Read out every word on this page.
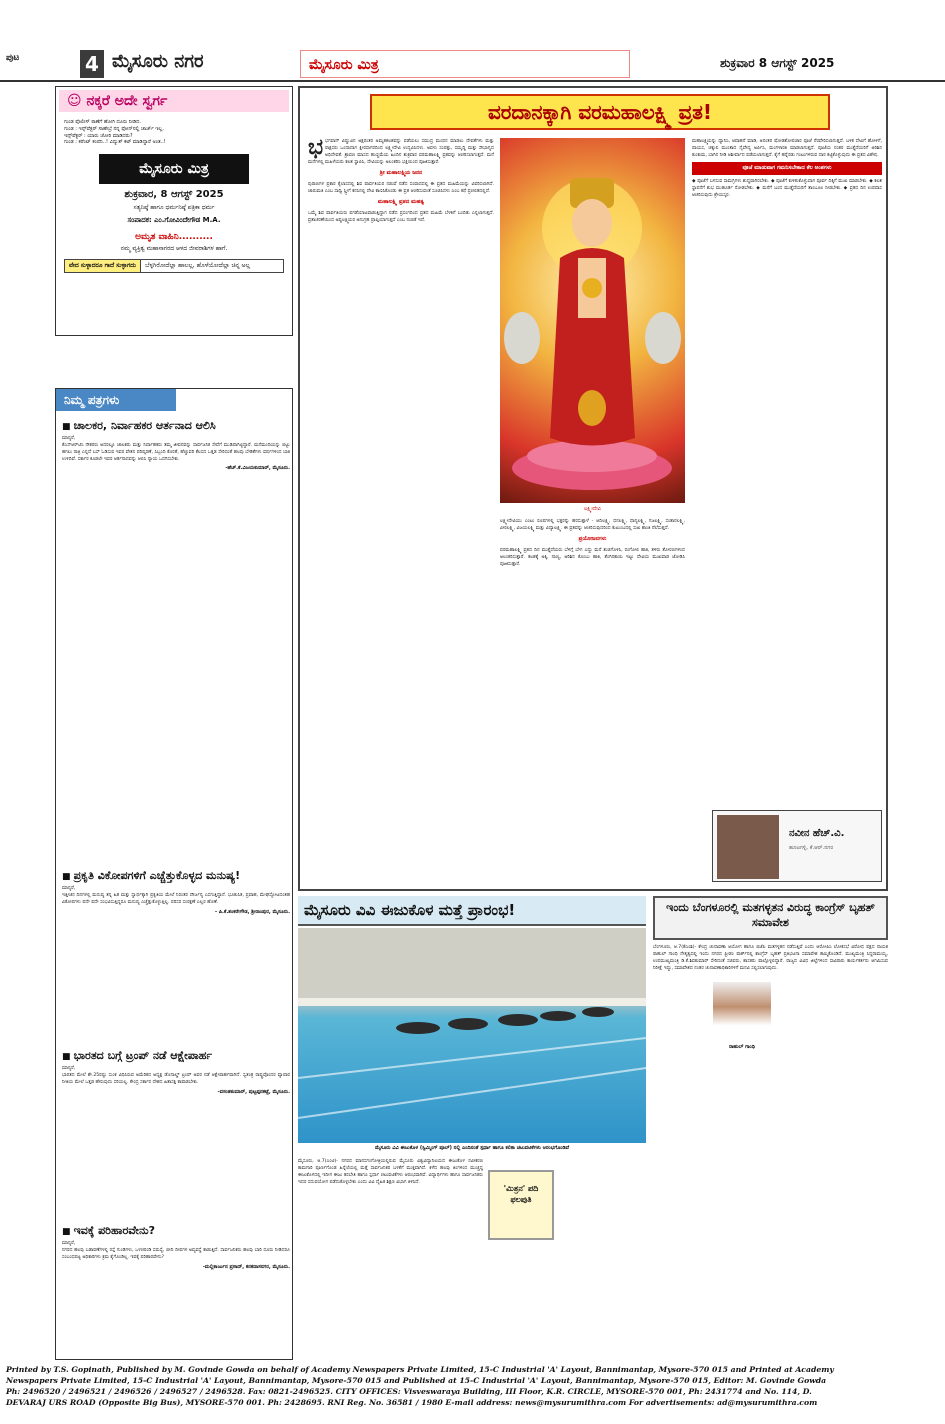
ಪುಟ	4 ಮೈಸೂರು ನಗರ	ಮೈಸೂರು ಮಿತ್ರ	ಶುಕ್ರವಾರ 8 ಆಗಸ್ಟ್ 2025
☺ ನಕ್ಕರೆ ಅದೇ ಸ್ವರ್ಗ
ಗುಂಡ ಪೊಲೀಸ್ ಠಾಣೆಗೆ ಹೋಗಿ ದೂರು ನೀಡಿದ.
ಗುಂಡ : ಇನ್ಸ್‌ಪೆಕ್ಟರ್ ಸಾಹೇಬ್ರೆ ನನ್ನ ಫೋನ್‌ನಲ್ಲಿ ಚಾರ್ಜ್ ಇಲ್ಲ.
ಇನ್ಸ್‌ಪೆಕ್ಟರ್ : ಯಾರು ಚೋರಿ ಮಾಡಿದರು?
ಗುಂಡ : ಕರೆಂಟ್ ಕಂಪನಿ..! ವಿದ್ಯುತ್ ಕಟ್ ಮಾಡಿದ್ದಾರೆ ಅಂತ..!
ಮೈಸೂರು ಮಿತ್ರ
ಶುಕ್ರವಾರ, 8 ಆಗಸ್ಟ್ 2025
ಸತ್ಯನಿಷ್ಠೆ ಹಾಗೂ ಧರ್ಮನಿಷ್ಠೆ ಪತ್ರಿಕಾ ಧರ್ಮ
ಸಂಪಾದಕ: ಎಂ.ಗೋವಿಂದೇಗೌಡ M.A.
ಅಮೃತ ವಾಹಿನಿ..........
ನಮ್ಮ ವ್ಯಕ್ತಿತ್ವ ಮಹಾಸಾಗರದ ಆಳದ ಜೀವರಾಶಿಗಳ ಹಾಗೆ.
ವೇದ ಸುಳ್ಳಾದರೂ ಗಾದೆ ಸುಳ್ಳಾಗದು	ಬೆಳ್ಳಗಿರೋದೆಲ್ಲಾ ಹಾಲಲ್ಲ, ಹೊಳೆಯೋದೆಲ್ಲಾ ಚಿನ್ನ ಅಲ್ಲ
ನಿಮ್ಮ ಪತ್ರಗಳು
■ ಚಾಲಕರ, ನಿರ್ವಾಹಕರ ಆರ್ತನಾದ ಆಲಿಸಿ

ಮಾನ್ಯರೆ,

ಕೆಎಸ್‌ಆರ್‌ಟಿಸಿ ನೌಕರರು ಅದರಲ್ಲೂ ಚಾಲಕರು ಮತ್ತು ನಿರ್ವಾಹಕರು ತಮ್ಮ ಜೀವನವನ್ನು ಸಾರ್ವಜನಿಕ ಸೇವೆಗೆ ಮುಡಿಪಾಗಿಟ್ಟಿದ್ದಾರೆ. ಮನೆಮಂದಿಯನ್ನು ಬಿಟ್ಟು ಹಗಲು ರಾತ್ರಿ ಎನ್ನದೆ ಬಸ್ ಓಡಿಸುವ ಇವರ ವೇತನ ಪರಿಷ್ಕರಣೆ, ಸಿಬ್ಬಂದಿ ಕೊರತೆ, ಹೆಚ್ಚುವರಿ ಕೆಲಸದ ಒತ್ತಡ ಸೇರಿದಂತೆ ಹಲವು ಬೇಡಿಕೆಗಳು ವರ್ಷಗಳಿಂದ ಬಾಕಿ ಉಳಿದಿವೆ. ಸರ್ಕಾರ ಕೂಡಲೇ ಇವರ ಆರ್ತನಾದವನ್ನು ಆಲಿಸಿ ನ್ಯಾಯ ಒದಗಿಸಬೇಕು.

-ಹೆಚ್.ಕೆ.ವಿಜಯಕುಮಾರ್, ಮೈಸೂರು.
■ ಪ್ರಕೃತಿ ವಿಕೋಪಗಳಿಗೆ ಎಚ್ಚೆತ್ತುಕೊಳ್ಳದ ಮನುಷ್ಯ!

ಮಾನ್ಯರೆ,

ಇತ್ತೀಚಿನ ದಿನಗಳಲ್ಲಿ ಮನುಷ್ಯ ತನ್ನ ಹಿತ ಮತ್ತು ಸ್ವಾರ್ಥಕ್ಕಾಗಿ ಪ್ರಕೃತಿಯ ಮೇಲೆ ನಿರಂತರ ದೌರ್ಜನ್ಯ ಎಸಗುತ್ತಿದ್ದಾನೆ. ಭೂಕುಸಿತ, ಪ್ರವಾಹ, ಮೇಘಸ್ಫೋಟದಂತಹ ವಿಕೋಪಗಳು ಪದೇ ಪದೇ ಸಂಭವಿಸುತ್ತಿದ್ದರೂ ಮನುಷ್ಯ ಎಚ್ಚೆತ್ತುಕೊಳ್ಳುತ್ತಿಲ್ಲ. ಪರಿಸರ ಸಂರಕ್ಷಣೆ ಎಲ್ಲರ ಹೊಣೆ.

- ಪಿ.ಕೆ.ಶಂಕರೇಗೌಡ, ಶ್ರೀರಾಂಪುರ, ಮೈಸೂರು.
■ ಭಾರತದ ಬಗ್ಗೆ ಟ್ರಂಪ್ ನಡೆ ಆಕ್ಷೇಪಾರ್ಹ

ಮಾನ್ಯರೆ,

ಭಾರತದ ಮೇಲೆ ಶೇ.25ರಷ್ಟು ಸುಂಕ ವಿಧಿಸಿರುವ ಅಮೆರಿಕದ ಅಧ್ಯಕ್ಷ ಡೊನಾಲ್ಡ್ ಟ್ರಂಪ್ ಅವರ ನಡೆ ಆಕ್ಷೇಪಾರ್ಹವಾಗಿದೆ. ಸ್ವತಂತ್ರ ರಾಷ್ಟ್ರವೊಂದರ ವ್ಯಾಪಾರ ನೀತಿಯ ಮೇಲೆ ಒತ್ತಡ ಹೇರುವುದು ಸರಿಯಲ್ಲ. ಕೇಂದ್ರ ಸರ್ಕಾರ ದೇಶದ ಹಿತಾಸಕ್ತಿ ಕಾಪಾಡಬೇಕು.

-ವಸಂತಕುಮಾರ್, ಪುಟ್ಟಪ್ಪನಕಟ್ಟೆ, ಮೈಸೂರು.
■ ಇವಕ್ಕೆ ಪರಿಹಾರವೇನು?

ಮಾನ್ಯರೆ,

ನಗರದ ಹಲವು ಬಡಾವಣೆಗಳಲ್ಲಿ ರಸ್ತೆ ಗುಂಡಿಗಳು, ಒಳಚರಂಡಿ ಸಮಸ್ಯೆ, ಬೀದಿ ದೀಪಗಳ ಅವ್ಯವಸ್ಥೆ ಕಾಡುತ್ತಿದೆ. ಸಾರ್ವಜನಿಕರು ಹಲವು ಬಾರಿ ದೂರು ನೀಡಿದರೂ ಸಂಬಂಧಪಟ್ಟ ಅಧಿಕಾರಿಗಳು ಕ್ರಮ ಕೈಗೊಂಡಿಲ್ಲ. ಇವಕ್ಕೆ ಪರಿಹಾರವೇನು?

-ಮಲ್ಲಿಕಾರ್ಜುನ ಪ್ರಸಾದ್, ಕನಕದಾಸನಗರ, ಮೈಸೂರು.
ವರದಾನಕ್ಕಾಗಿ ವರಮಹಾಲಕ್ಷ್ಮಿ ವ್ರತ!
ಭಭಗವಾನ್ ವಿಷ್ಣುವಿನ ಅಕ್ಷರಂತರ ಅಮೃತಕಲಶವನ್ನು ಪಡೆಯಲು ಸಮುದ್ರ ಮಂಥನ ಮಾಡಲು ದೇವತೆಗಳು ಮತ್ತು ರಾಕ್ಷಸರು ಒಂದಾದಾಗ ಕ್ಷೀರಸಾಗರದಿಂದ ಲಕ್ಷ್ಮೀದೇವಿ ಉದ್ಭವಿಸಿದಳು. ಅವಳು ಸಂಪತ್ತು, ಸಮೃದ್ಧಿ ಮತ್ತು ಸೌಭಾಗ್ಯದ ಅಧಿದೇವತೆ. ಶ್ರಾವಣ ಮಾಸದ ಹುಣ್ಣಿಮೆಯ ಹಿಂದಿನ ಶುಕ್ರವಾರ ವರಮಹಾಲಕ್ಷ್ಮಿ ವ್ರತವನ್ನು ಆಚರಿಸಲಾಗುತ್ತದೆ. ಮನೆ ಮನೆಗಳಲ್ಲಿ ಮಹಿಳೆಯರು ಕಲಶ ಸ್ಥಾಪಿಸಿ, ದೇವಿಯನ್ನು ಅಲಂಕರಿಸಿ ಭಕ್ತಿಯಿಂದ ಪೂಜಿಸುತ್ತಾರೆ.
ಶ್ರೀ ಮಹಾಲಕ್ಷ್ಮಿಯ ಜನನ
ಪುರಾಣಗಳ ಪ್ರಕಾರ ಕೈಲಾಸದಲ್ಲಿ ಶಿವ ಪಾರ್ವತಿಯರ ನಡುವೆ ನಡೆದ ಸಂವಾದದಲ್ಲಿ ಈ ವ್ರತದ ಮಹಿಮೆಯನ್ನು ವಿವರಿಸಲಾಗಿದೆ. ಚಾರುಮತಿ ಎಂಬ ಸಾಧ್ವಿ ಸ್ತ್ರೀಗೆ ಕನಸಿನಲ್ಲಿ ದೇವಿ ಕಾಣಿಸಿಕೊಂಡು ಈ ವ್ರತ ಆಚರಿಸುವಂತೆ ಸೂಚಿಸಿದಳು ಎಂಬ ಕಥೆ ಪ್ರಚಲಿತದಲ್ಲಿದೆ.
ಮಹಾಲಕ್ಷ್ಮಿ ವ್ರತದ ಮಹತ್ವ
ಒಮ್ಮೆ ಶಿವ ಪಾರ್ವತಿಯರು ಪಗಡೆಯಾಟವಾಡುತ್ತಿದ್ದಾಗ ನಡೆದ ಪ್ರಸಂಗದಿಂದ ವ್ರತದ ಮಹಿಮೆ ಬೆಳಕಿಗೆ ಬಂದಿತು ಎನ್ನಲಾಗುತ್ತದೆ. ವ್ರತಾಚರಣೆಯಿಂದ ಅಷ್ಟಲಕ್ಷ್ಮಿಯರ ಅನುಗ್ರಹ ಪ್ರಾಪ್ತಿಯಾಗುತ್ತದೆ ಎಂಬ ನಂಬಿಕೆ ಇದೆ.
ಲಕ್ಷ್ಮೀದೇವಿ
ಲಕ್ಷ್ಮೀದೇವಿಯು ಎಂಟು ರೂಪಗಳಲ್ಲಿ ಭಕ್ತರನ್ನು ಹರಸುತ್ತಾಳೆ - ಆದಿಲಕ್ಷ್ಮಿ, ಧನಲಕ್ಷ್ಮಿ, ಧಾನ್ಯಲಕ್ಷ್ಮಿ, ಗಜಲಕ್ಷ್ಮಿ, ಸಂತಾನಲಕ್ಷ್ಮಿ, ವೀರಲಕ್ಷ್ಮಿ, ವಿಜಯಲಕ್ಷ್ಮಿ ಮತ್ತು ವಿದ್ಯಾಲಕ್ಷ್ಮಿ. ಈ ವ್ರತವನ್ನು ಆಚರಿಸುವುದರಿಂದ ಕುಟುಂಬದಲ್ಲಿ ಸುಖ ಶಾಂತಿ ನೆಲೆಸುತ್ತದೆ.
ಪ್ರಯೋಜನಗಳು
ವರಮಹಾಲಕ್ಷ್ಮಿ ವ್ರತದ ದಿನ ಮುತ್ತೈದೆಯರು ಬೆಳಿಗ್ಗೆ ಬೇಗ ಎದ್ದು ಮನೆ ಶುಚಿಗೊಳಿಸಿ, ರಂಗೋಲಿ ಹಾಕಿ, ತಳಿರು ತೋರಣಗಳಿಂದ ಅಲಂಕರಿಸುತ್ತಾರೆ. ಕಲಶಕ್ಕೆ ಅಕ್ಕಿ, ನಾಣ್ಯ, ಅರಿಶಿನ ಕೊಂಬು ಹಾಕಿ, ತೆಂಗಿನಕಾಯಿ ಇಟ್ಟು ದೇವಿಯ ಮುಖವಾಡ ಜೋಡಿಸಿ ಪೂಜಿಸುತ್ತಾರೆ.
ಮಹಾಲಕ್ಷ್ಮಿಯನ್ನು ಧ್ಯಾನಿಸಿ, ಆವಾಹನೆ ಮಾಡಿ, ಅನಂತರ ಷೋಡಶೋಪಚಾರ ಪೂಜೆ ನೆರವೇರಿಸಲಾಗುತ್ತದೆ. ಬಳಿಕ ದೇವಿಗೆ ಹೋಳಿಗೆ, ಪಾಯಸ, ಚಕ್ಕುಲಿ ಮುಂತಾದ ನೈವೇದ್ಯ ಅರ್ಪಿಸಿ, ಮಂಗಳಾರತಿ ಮಾಡಲಾಗುತ್ತದೆ. ಪೂಜೆಯ ನಂತರ ಮುತ್ತೈದೆಯರಿಗೆ ಅರಿಶಿನ ಕುಂಕುಮ, ಬಾಗಿನ ನೀಡಿ ಆಶೀರ್ವಾದ ಪಡೆಯಲಾಗುತ್ತದೆ. ಕೈಗೆ ಹನ್ನೆರಡು ಗಂಟುಗಳಿರುವ ದಾರ ಕಟ್ಟಿಕೊಳ್ಳುವುದು ಈ ವ್ರತದ ವಿಶೇಷ.
ಪೂಜೆ ಮಾಡುವಾಗ ಗಮನಿಸಬೇಕಾದ ಕೆಲ ಅಂಶಗಳು
◆ ಪೂಜೆಗೆ ಬಳಸುವ ಸಾಮಗ್ರಿಗಳು ಶುದ್ಧವಾಗಿರಬೇಕು. ◆ ಪೂಜೆಗೆ ಕುಳಿತುಕೊಳ್ಳುವಾಗ ಪೂರ್ವ ದಿಕ್ಕಿಗೆ ಮುಖ ಮಾಡಬೇಕು. ◆ ಕಲಶ ಸ್ಥಾಪನೆಗೆ ಶುಭ ಮುಹೂರ್ತ ನೋಡಬೇಕು. ◆ ಮನೆಗೆ ಬಂದ ಮುತ್ತೈದೆಯರಿಗೆ ತಾಂಬೂಲ ನೀಡಬೇಕು. ◆ ವ್ರತದ ದಿನ ಉಪವಾಸ ಆಚರಿಸುವುದು ಶ್ರೇಯಸ್ಕರ.
ನವೀನ ಹೆಚ್.ವಿ.
ಹೂಟಗಳ್ಳಿ, ಕೆ.ಆರ್.ನಗರ
ಮೈಸೂರು ವಿವಿ ಈಜುಕೊಳ ಮತ್ತೆ ಪ್ರಾರಂಭ!
ಮೈಸೂರು ವಿವಿ ಈಜುಕೊಳ (ಸ್ವಿಮ್ಮಿಂಗ್ ಪೂಲ್) ನಲ್ಲಿ ಎಂದಿನಂತೆ ಸ್ಪರ್ಧಾ ಹಾಗೂ ಕಲಿಕಾ ಚಟುವಟಿಕೆಗಳು ಆರಂಭಗೊಂಡಿವೆ
ಮೈಸೂರು, ಆ.7(ಎಂಟಿ)- ನಗರದ ಮಾನಸಗಂಗೋತ್ರಿಯಲ್ಲಿರುವ ಮೈಸೂರು ವಿಶ್ವವಿದ್ಯಾನಿಲಯದ ಈಜುಕೊಳ ನವೀಕರಣ ಕಾಮಗಾರಿ ಪೂರ್ಣಗೊಂಡ ಹಿನ್ನೆಲೆಯಲ್ಲಿ ಮತ್ತೆ ಸಾರ್ವಜನಿಕರ ಬಳಕೆಗೆ ಮುಕ್ತವಾಗಿದೆ. ಕಳೆದ ಹಲವು ತಿಂಗಳಿಂದ ಮುಚ್ಚಿದ್ದ ಈಜುಕೊಳದಲ್ಲಿ ಇದೀಗ ಈಜು ತರಬೇತಿ ಹಾಗೂ ಸ್ಪರ್ಧಾ ಚಟುವಟಿಕೆಗಳು ಆರಂಭವಾಗಿವೆ. ವಿದ್ಯಾರ್ಥಿಗಳು ಹಾಗೂ ಸಾರ್ವಜನಿಕರು ಇದರ ಸದುಪಯೋಗ ಪಡೆದುಕೊಳ್ಳಬೇಕು ಎಂದು ವಿವಿ ದೈಹಿಕ ಶಿಕ್ಷಣ ವಿಭಾಗ ತಿಳಿಸಿದೆ.
'ಮಿತ್ರನ' ಪದಿ ಫಲಪುತಿ
ಇಂದು ಬೆಂಗಳೂರಲ್ಲಿ ಮತಗಳ್ಳತನ ವಿರುದ್ಧ ಕಾಂಗ್ರೆಸ್ ಬೃಹತ್ ಸಮಾವೇಶ
ಬೆಂಗಳೂರು, ಆ.7(ಕೆಎಂಶಿ)- ಕೇಂದ್ರ ಚುನಾವಣಾ ಆಯೋಗ ಹಾಗೂ ಬಿಜೆಪಿ ಮತಗಳ್ಳತನ ನಡೆಸುತ್ತಿವೆ ಎಂದು ಆರೋಪಿಸಿ ಲೋಕಸಭೆ ವಿರೋಧ ಪಕ್ಷದ ನಾಯಕ ರಾಹುಲ್ ಗಾಂಧಿ ನೇತೃತ್ವದಲ್ಲಿ ಇಂದು ನಗರದ ಫ್ರೀಡಂ ಪಾರ್ಕ್‌ನಲ್ಲಿ ಕಾಂಗ್ರೆಸ್ ಬೃಹತ್ ಪ್ರತಿಭಟನಾ ಸಮಾವೇಶ ಹಮ್ಮಿಕೊಂಡಿದೆ. ಮುಖ್ಯಮಂತ್ರಿ ಸಿದ್ದರಾಮಯ್ಯ, ಉಪಮುಖ್ಯಮಂತ್ರಿ ಡಿ.ಕೆ.ಶಿವಕುಮಾರ್ ಸೇರಿದಂತೆ ಸಚಿವರು, ಶಾಸಕರು ಪಾಲ್ಗೊಳ್ಳಲಿದ್ದಾರೆ. ರಾಜ್ಯದ ವಿವಿಧ ಜಿಲ್ಲೆಗಳಿಂದ ಸಾವಿರಾರು ಕಾರ್ಯಕರ್ತರು ಆಗಮಿಸುವ ನಿರೀಕ್ಷೆ ಇದ್ದು, ಸಮಾವೇಶದ ನಂತರ ಚುನಾವಣಾಧಿಕಾರಿಗಳಿಗೆ ಮನವಿ ಸಲ್ಲಿಸಲಾಗುವುದು.
ರಾಹುಲ್ ಗಾಂಧಿ
Printed by T.S. Gopinath, Published by M. Govinde Gowda on behalf of Academy Newspapers Private Limited, 15-C Industrial 'A' Layout, Bannimantap, Mysore-570 015 and Printed at Academy
Newspapers Private Limited, 15-C Industrial 'A' Layout, Bannimantap, Mysore-570 015 and Published at 15-C Industrial 'A' Layout, Bannimantap, Mysore-570 015, Editor: M. Govinde Gowda
Ph: 2496520 / 2496521 / 2496526 / 2496527 / 2496528. Fax: 0821-2496525. CITY OFFICES: Visveswaraya Building, III Floor, K.R. CIRCLE, MYSORE-570 001, Ph: 2431774 and No. 114, D.
DEVARAJ URS ROAD (Opposite Big Bus), MYSORE-570 001. Ph: 2428695. RNI Reg. No. 36581 / 1980 E-mail address: news@mysurumithra.com For advertisements: ad@mysurumithra.com
